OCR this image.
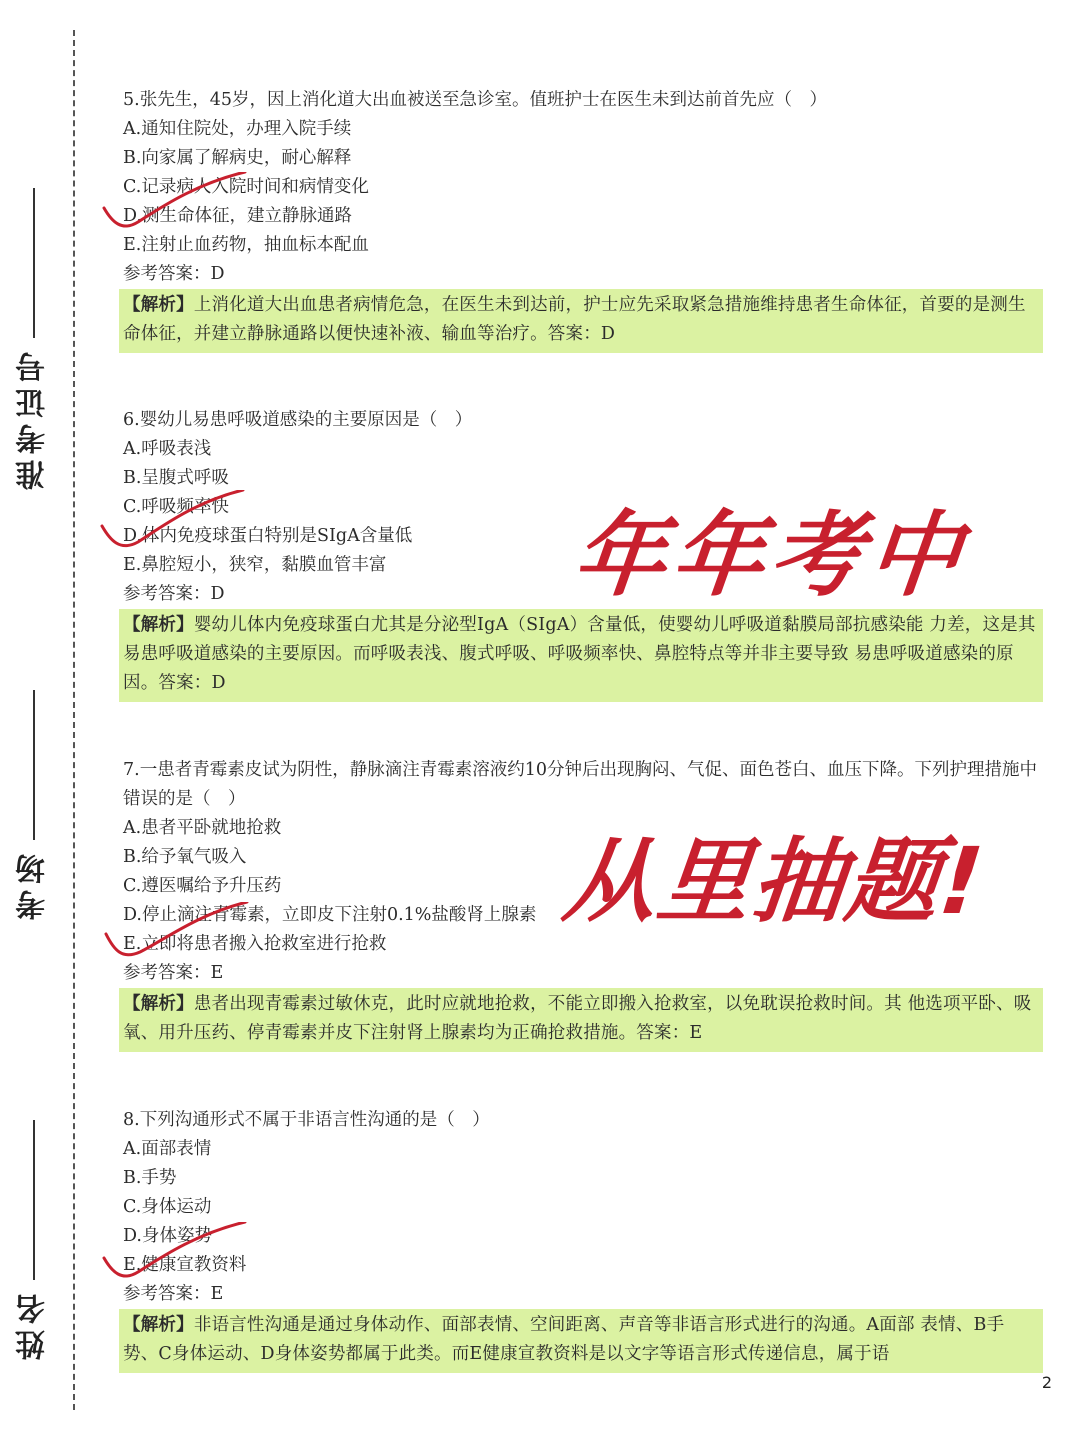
准考证号
考场
姓名
5.张先生，45岁，因上消化道大出血被送至急诊室。值班护士在医生未到达前首先应（　）
A.通知住院处，办理入院手续
B.向家属了解病史，耐心解释
C.记录病人入院时间和病情变化
D.测生命体征，建立静脉通路
E.注射止血药物，抽血标本配血
参考答案：D
【解析】上消化道大出血患者病情危急，在医生未到达前，护士应先采取紧急措施维持患者生命体征，首要的是测生命体征，并建立静脉通路以便快速补液、输血等治疗。答案：D
6.婴幼儿易患呼吸道感染的主要原因是（　）
A.呼吸表浅
B.呈腹式呼吸
C.呼吸频率快
D.体内免疫球蛋白特别是SIgA含量低
E.鼻腔短小，狭窄，黏膜血管丰富
参考答案：D
【解析】婴幼儿体内免疫球蛋白尤其是分泌型IgA（SIgA）含量低，使婴幼儿呼吸道黏膜局部抗感染能 力差，这是其易患呼吸道感染的主要原因。而呼吸表浅、腹式呼吸、呼吸频率快、鼻腔特点等并非主要导致 易患呼吸道感染的原因。答案：D
7.一患者青霉素皮试为阴性，静脉滴注青霉素溶液约10分钟后出现胸闷、气促、面色苍白、血压下降。下列护理措施中错误的是（　）
A.患者平卧就地抢救
B.给予氧气吸入
C.遵医嘱给予升压药
D.停止滴注青霉素，立即皮下注射0.1%盐酸肾上腺素
E.立即将患者搬入抢救室进行抢救
参考答案：E
【解析】患者出现青霉素过敏休克，此时应就地抢救，不能立即搬入抢救室，以免耽误抢救时间。其 他选项平卧、吸氧、用升压药、停青霉素并皮下注射肾上腺素均为正确抢救措施。答案：E
8.下列沟通形式不属于非语言性沟通的是（　）
A.面部表情
B.手势
C.身体运动
D.身体姿势
E.健康宣教资料
参考答案：E
【解析】非语言性沟通是通过身体动作、面部表情、空间距离、声音等非语言形式进行的沟通。A面部 表情、B手势、C身体运动、D身体姿势都属于此类。而E健康宣教资料是以文字等语言形式传递信息，属于语
年年考中
从里抽题!
2
